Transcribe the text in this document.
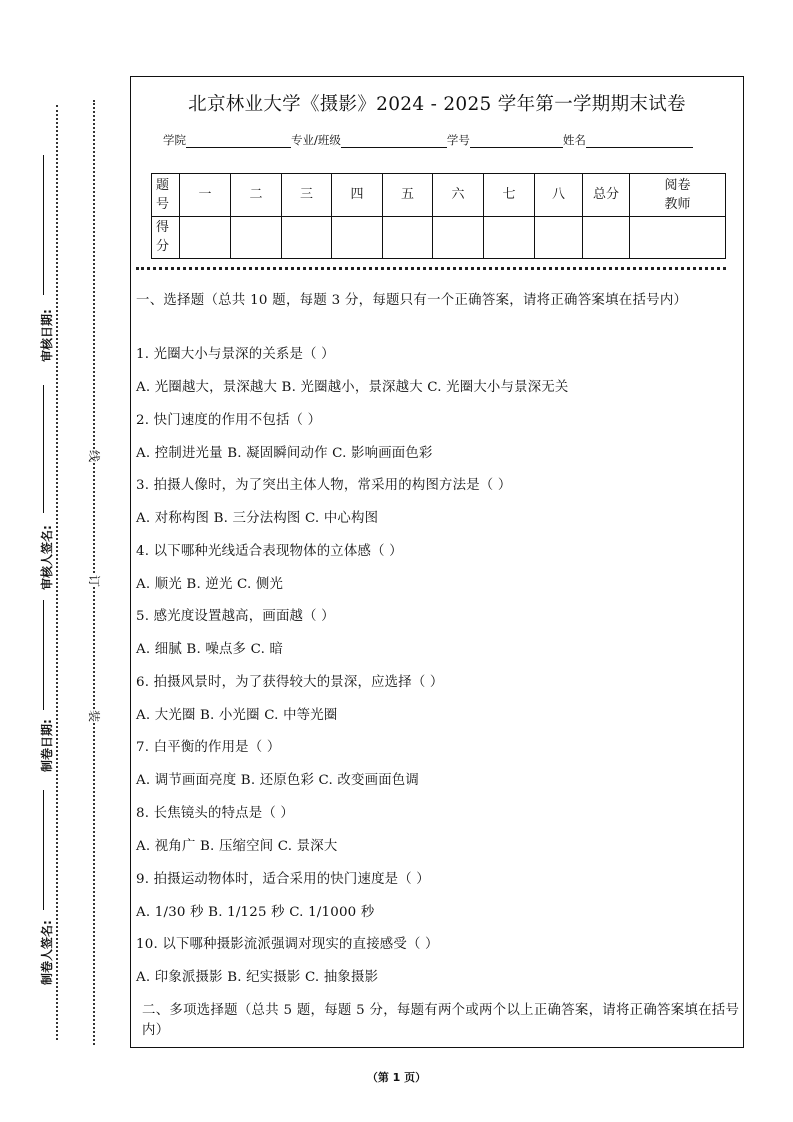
审核日期:
审核人签名:
制卷日期:
制卷人签名:
线
订
装
北京林业大学《摄影》2024 - 2025 学年第一学期期末试卷
学院	专业/班级	学号	姓名
题号	一	二	三	四	五	六	七	八	总分	阅卷教师
得分										
一、选择题（总共 10 题，每题 3 分，每题只有一个正确答案，请将正确答案填在括号内）
1. 光圈大小与景深的关系是（ ）
A. 光圈越大，景深越大 B. 光圈越小，景深越大 C. 光圈大小与景深无关
2. 快门速度的作用不包括（ ）
A. 控制进光量 B. 凝固瞬间动作 C. 影响画面色彩
3. 拍摄人像时，为了突出主体人物，常采用的构图方法是（ ）
A. 对称构图 B. 三分法构图 C. 中心构图
4. 以下哪种光线适合表现物体的立体感（ ）
A. 顺光 B. 逆光 C. 侧光
5. 感光度设置越高，画面越（ ）
A. 细腻 B. 噪点多 C. 暗
6. 拍摄风景时，为了获得较大的景深，应选择（ ）
A. 大光圈 B. 小光圈 C. 中等光圈
7. 白平衡的作用是（ ）
A. 调节画面亮度 B. 还原色彩 C. 改变画面色调
8. 长焦镜头的特点是（ ）
A. 视角广 B. 压缩空间 C. 景深大
9. 拍摄运动物体时，适合采用的快门速度是（ ）
A. 1/30 秒 B. 1/125 秒 C. 1/1000 秒
10. 以下哪种摄影流派强调对现实的直接感受（ ）
A. 印象派摄影 B. 纪实摄影 C. 抽象摄影
二、多项选择题（总共 5 题，每题 5 分，每题有两个或两个以上正确答案，请将正确答案填在括号内）
（第 1 页）
